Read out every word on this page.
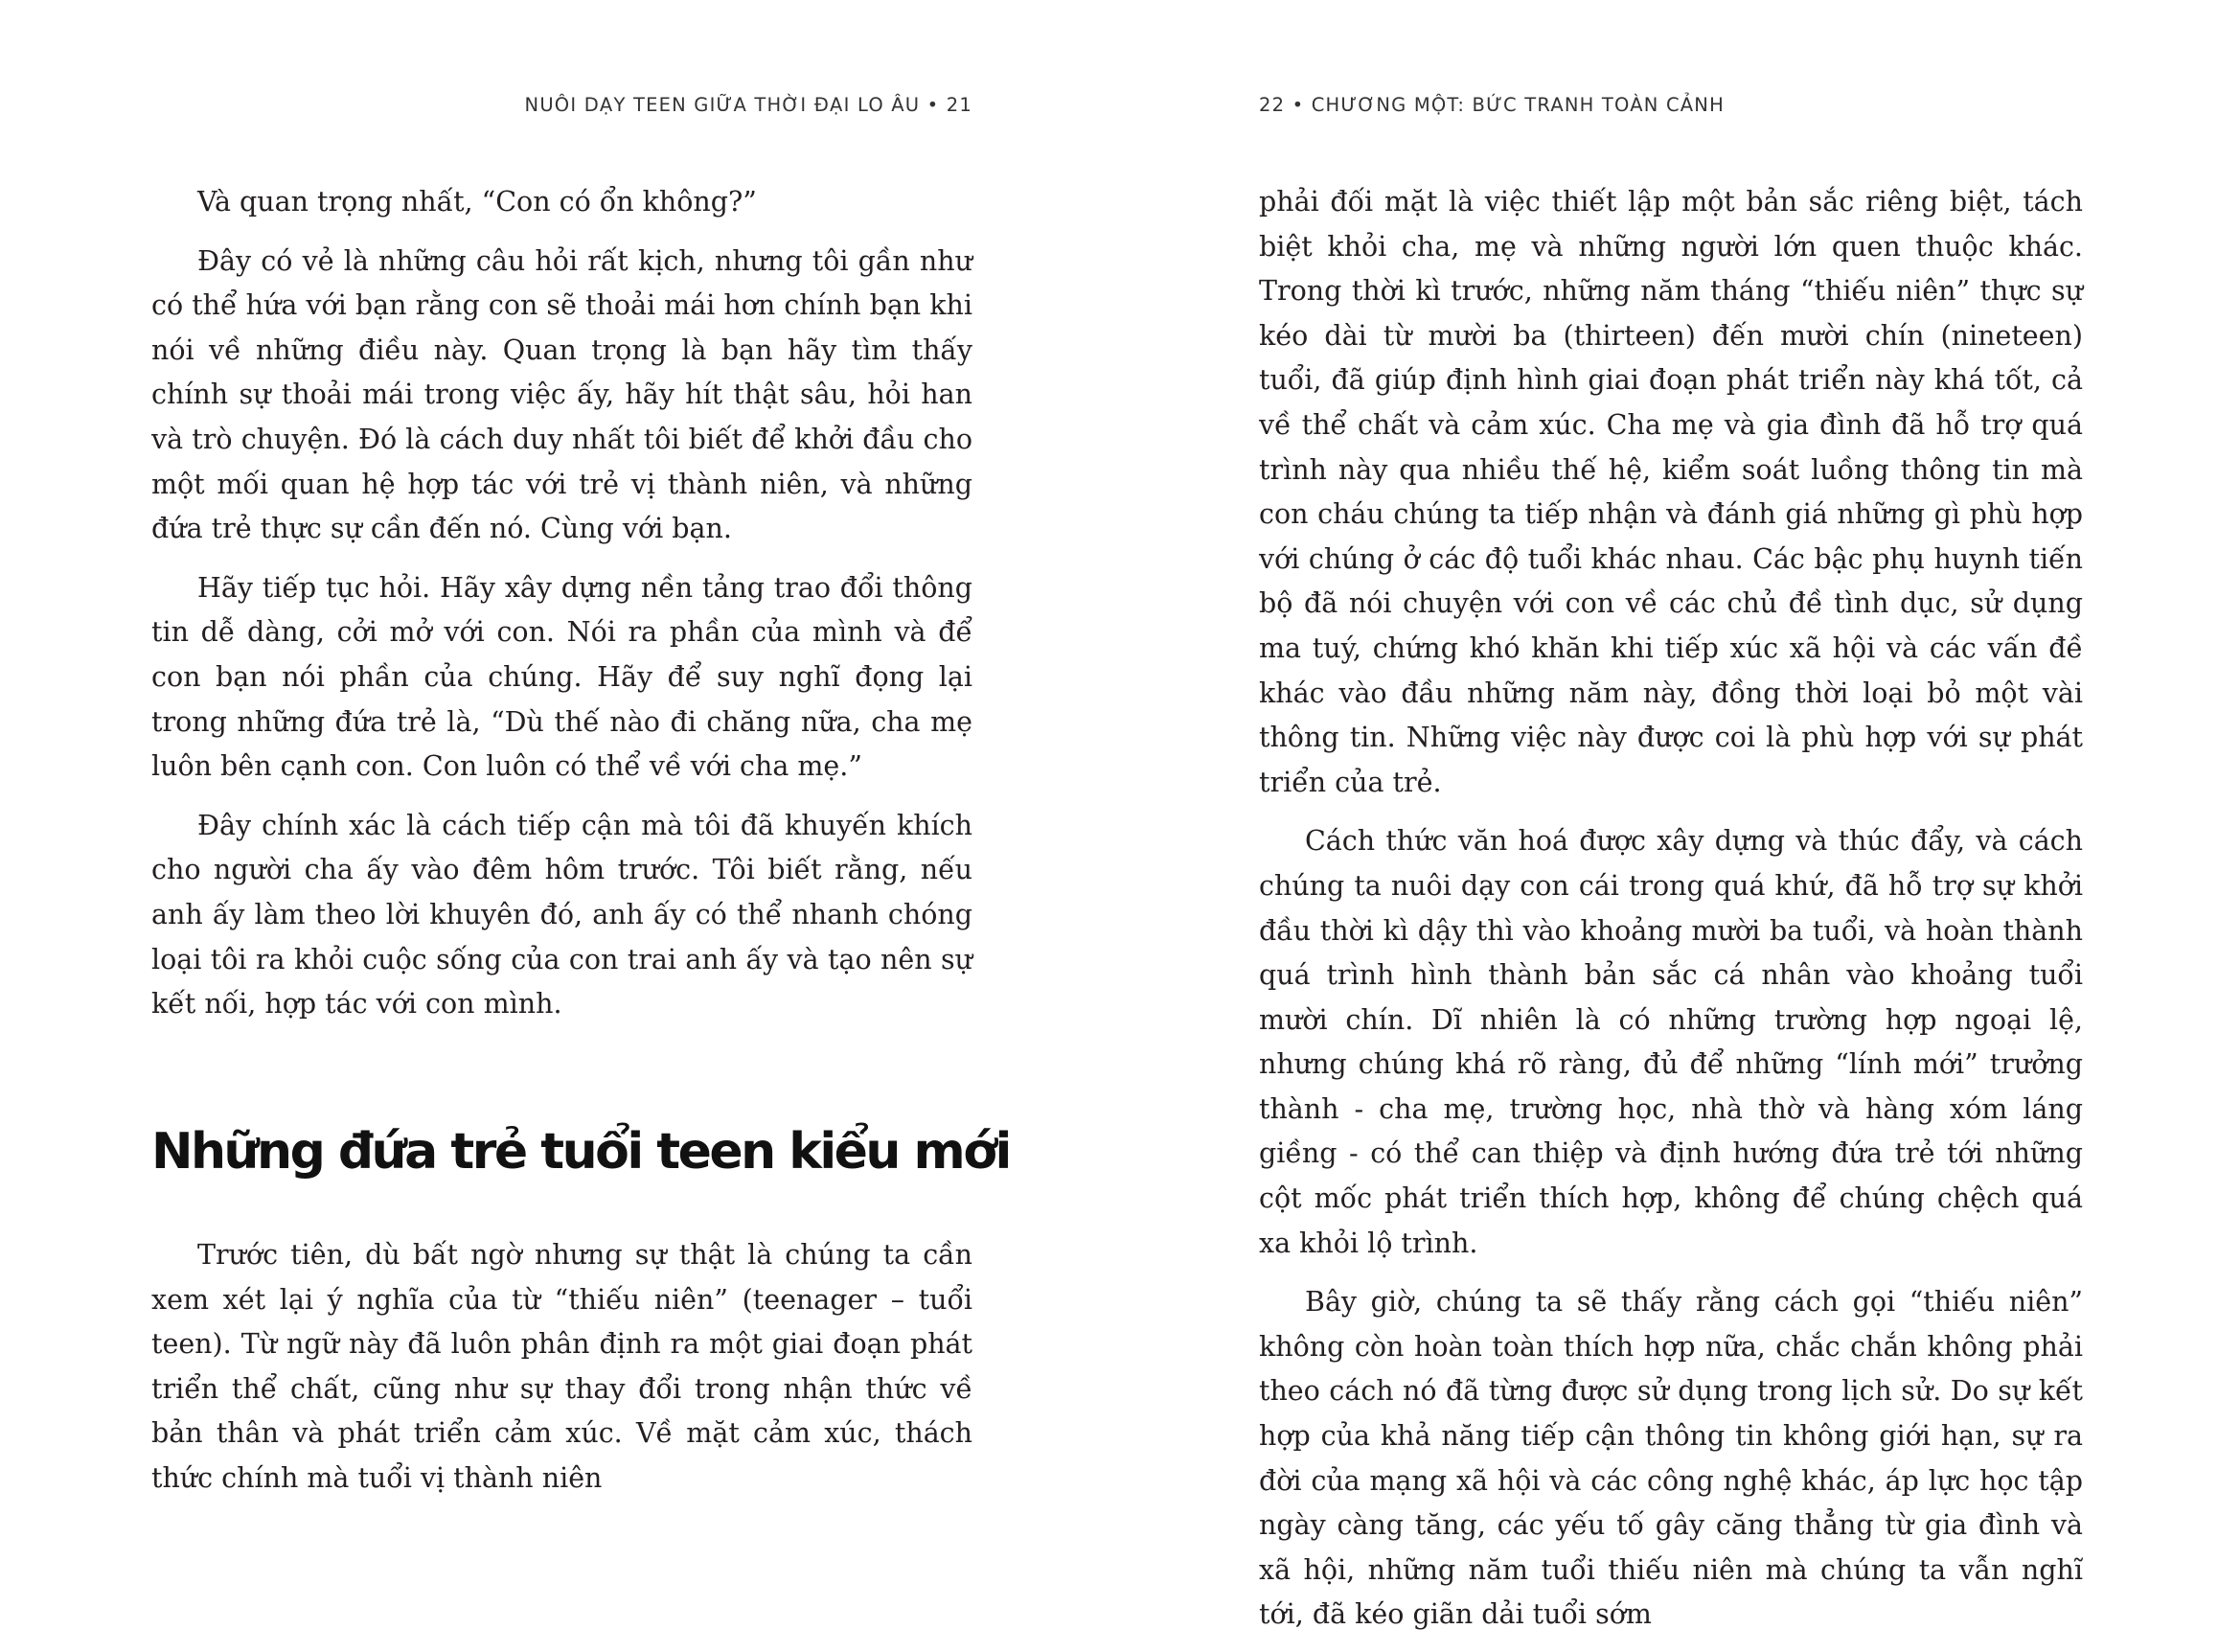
NUÔI DẠY TEEN GIỮA THỜI ĐẠI LO ÂU • 21

Và quan trọng nhất, “Con có ổn không?”

Đây có vẻ là những câu hỏi rất kịch, nhưng tôi gần như có thể hứa với bạn rằng con sẽ thoải mái hơn chính bạn khi nói về những điều này. Quan trọng là bạn hãy tìm thấy chính sự thoải mái trong việc ấy, hãy hít thật sâu, hỏi han và trò chuyện. Đó là cách duy nhất tôi biết để khởi đầu cho một mối quan hệ hợp tác với trẻ vị thành niên, và những đứa trẻ thực sự cần đến nó. Cùng với bạn.

Hãy tiếp tục hỏi. Hãy xây dựng nền tảng trao đổi thông tin dễ dàng, cởi mở với con. Nói ra phần của mình và để con bạn nói phần của chúng. Hãy để suy nghĩ đọng lại trong những đứa trẻ là, “Dù thế nào đi chăng nữa, cha mẹ luôn bên cạnh con. Con luôn có thể về với cha mẹ.”

Đây chính xác là cách tiếp cận mà tôi đã khuyến khích cho người cha ấy vào đêm hôm trước. Tôi biết rằng, nếu anh ấy làm theo lời khuyên đó, anh ấy có thể nhanh chóng loại tôi ra khỏi cuộc sống của con trai anh ấy và tạo nên sự kết nối, hợp tác với con mình.

Những đứa trẻ tuổi teen kiểu mới

Trước tiên, dù bất ngờ nhưng sự thật là chúng ta cần xem xét lại ý nghĩa của từ “thiếu niên” (teenager – tuổi teen). Từ ngữ này đã luôn phân định ra một giai đoạn phát triển thể chất, cũng như sự thay đổi trong nhận thức về bản thân và phát triển cảm xúc. Về mặt cảm xúc, thách thức chính mà tuổi vị thành niên

22 • CHƯƠNG MỘT: BỨC TRANH TOÀN CẢNH

phải đối mặt là việc thiết lập một bản sắc riêng biệt, tách biệt khỏi cha, mẹ và những người lớn quen thuộc khác. Trong thời kì trước, những năm tháng “thiếu niên” thực sự kéo dài từ mười ba (thirteen) đến mười chín (nineteen) tuổi, đã giúp định hình giai đoạn phát triển này khá tốt, cả về thể chất và cảm xúc. Cha mẹ và gia đình đã hỗ trợ quá trình này qua nhiều thế hệ, kiểm soát luồng thông tin mà con cháu chúng ta tiếp nhận và đánh giá những gì phù hợp với chúng ở các độ tuổi khác nhau. Các bậc phụ huynh tiến bộ đã nói chuyện với con về các chủ đề tình dục, sử dụng ma tuý, chứng khó khăn khi tiếp xúc xã hội và các vấn đề khác vào đầu những năm này, đồng thời loại bỏ một vài thông tin. Những việc này được coi là phù hợp với sự phát triển của trẻ.

Cách thức văn hoá được xây dựng và thúc đẩy, và cách chúng ta nuôi dạy con cái trong quá khứ, đã hỗ trợ sự khởi đầu thời kì dậy thì vào khoảng mười ba tuổi, và hoàn thành quá trình hình thành bản sắc cá nhân vào khoảng tuổi mười chín. Dĩ nhiên là có những trường hợp ngoại lệ, nhưng chúng khá rõ ràng, đủ để những “lính mới” trưởng thành - cha mẹ, trường học, nhà thờ và hàng xóm láng giềng - có thể can thiệp và định hướng đứa trẻ tới những cột mốc phát triển thích hợp, không để chúng chệch quá xa khỏi lộ trình.

Bây giờ, chúng ta sẽ thấy rằng cách gọi “thiếu niên” không còn hoàn toàn thích hợp nữa, chắc chắn không phải theo cách nó đã từng được sử dụng trong lịch sử. Do sự kết hợp của khả năng tiếp cận thông tin không giới hạn, sự ra đời của mạng xã hội và các công nghệ khác, áp lực học tập ngày càng tăng, các yếu tố gây căng thẳng từ gia đình và xã hội, những năm tuổi thiếu niên mà chúng ta vẫn nghĩ tới, đã kéo giãn dải tuổi sớm
